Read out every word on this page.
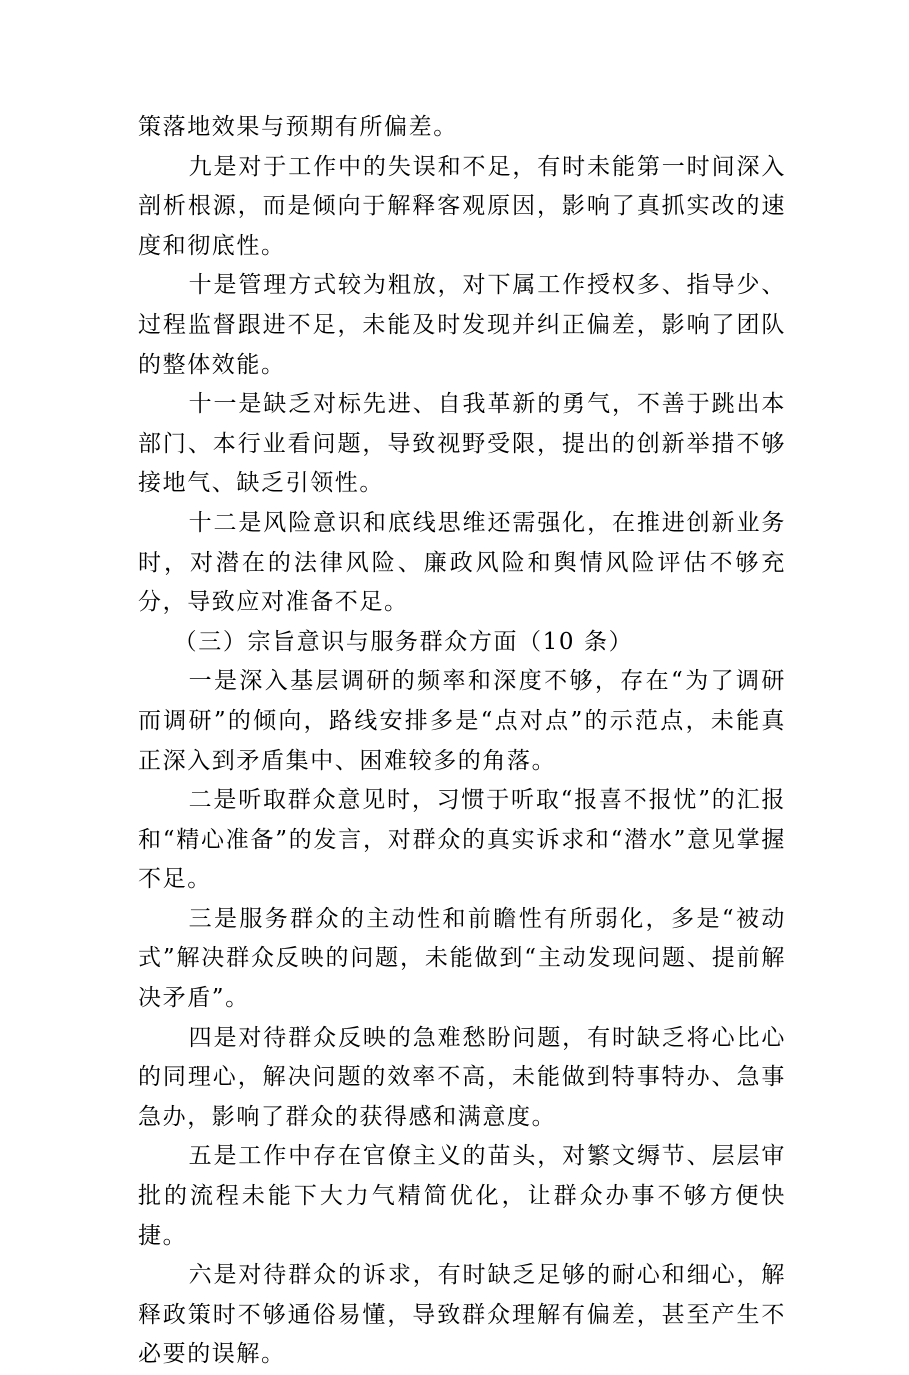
策落地效果与预期有所偏差。

九是对于工作中的失误和不足，有时未能第一时间深入剖析根源，而是倾向于解释客观原因，影响了真抓实改的速度和彻底性。

十是管理方式较为粗放，对下属工作授权多、指导少、过程监督跟进不足，未能及时发现并纠正偏差，影响了团队的整体效能。

十一是缺乏对标先进、自我革新的勇气，不善于跳出本部门、本行业看问题，导致视野受限，提出的创新举措不够接地气、缺乏引领性。

十二是风险意识和底线思维还需强化，在推进创新业务时，对潜在的法律风险、廉政风险和舆情风险评估不够充分，导致应对准备不足。

（三）宗旨意识与服务群众方面（10 条）

一是深入基层调研的频率和深度不够，存在“为了调研而调研”的倾向，路线安排多是“点对点”的示范点，未能真正深入到矛盾集中、困难较多的角落。

二是听取群众意见时，习惯于听取“报喜不报忧”的汇报和“精心准备”的发言，对群众的真实诉求和“潜水”意见掌握不足。

三是服务群众的主动性和前瞻性有所弱化，多是“被动式”解决群众反映的问题，未能做到“主动发现问题、提前解决矛盾”。

四是对待群众反映的急难愁盼问题，有时缺乏将心比心的同理心，解决问题的效率不高，未能做到特事特办、急事急办，影响了群众的获得感和满意度。

五是工作中存在官僚主义的苗头，对繁文缛节、层层审批的流程未能下大力气精简优化，让群众办事不够方便快捷。

六是对待群众的诉求，有时缺乏足够的耐心和细心，解释政策时不够通俗易懂，导致群众理解有偏差，甚至产生不必要的误解。
